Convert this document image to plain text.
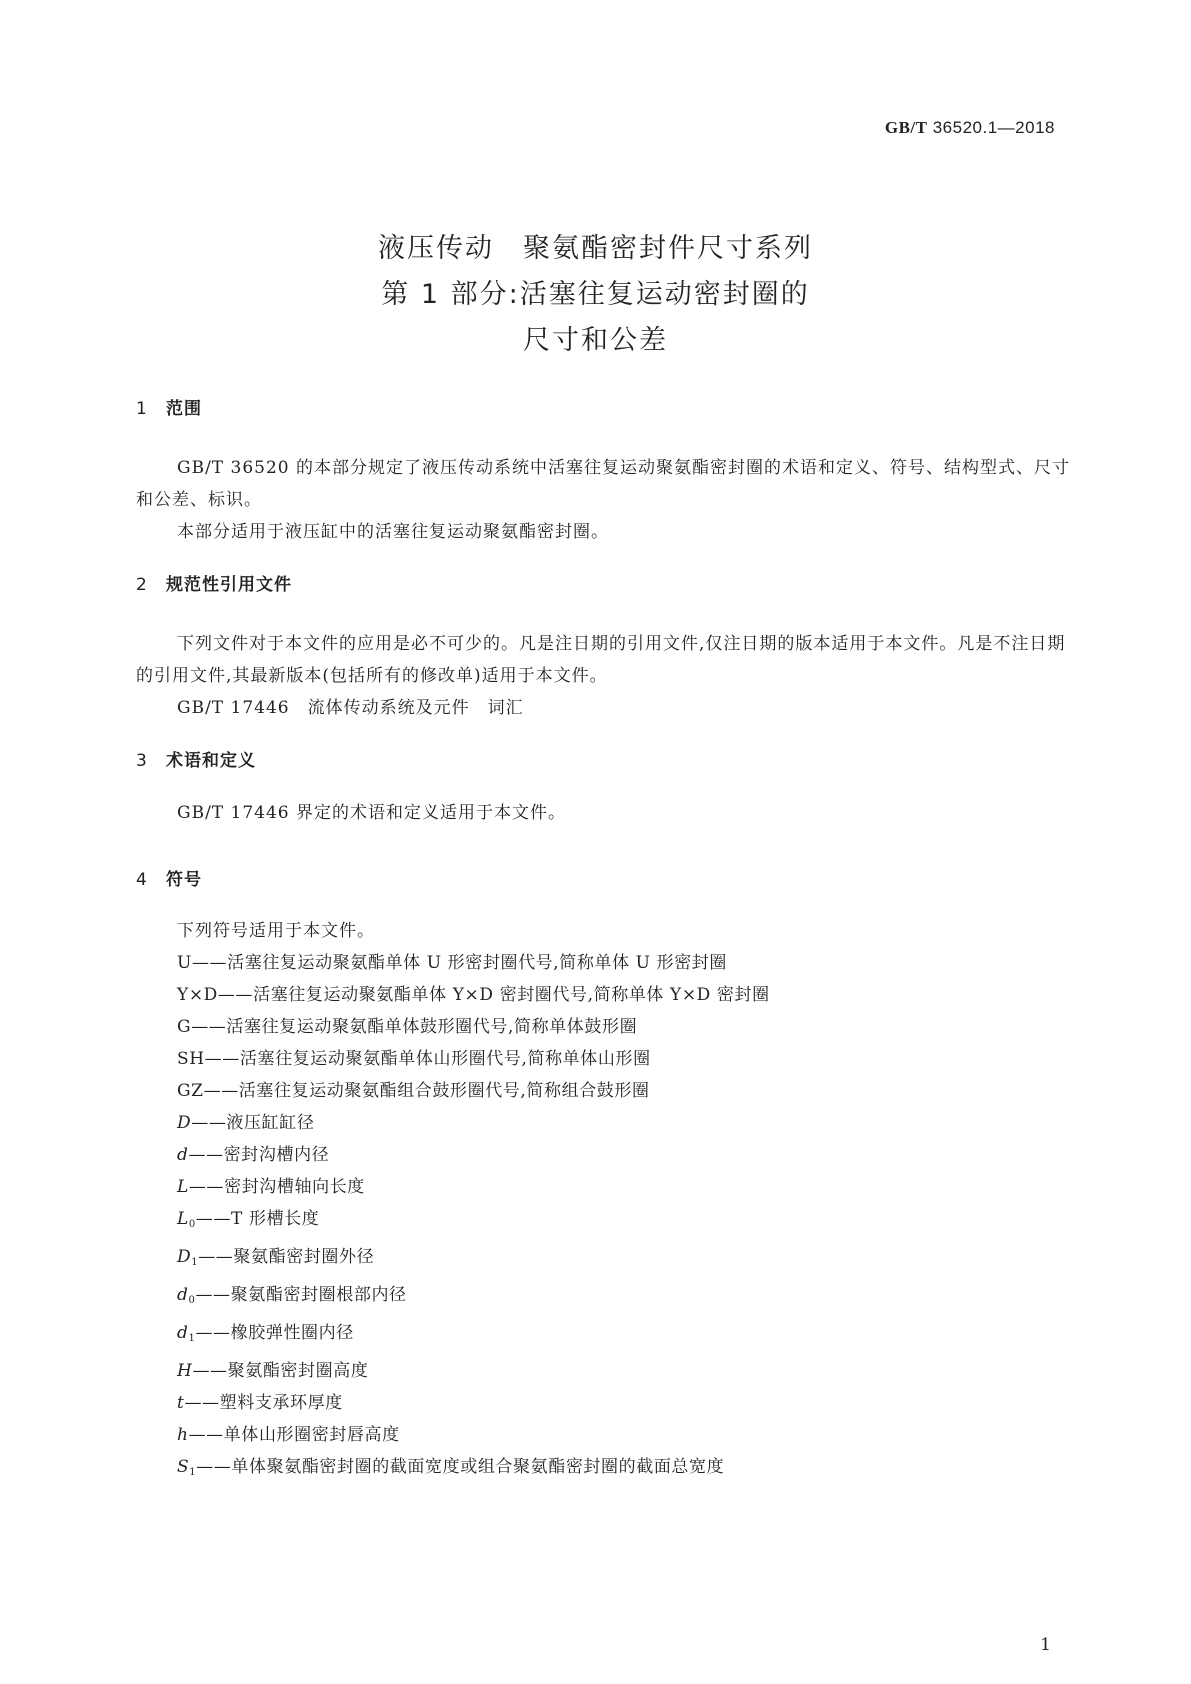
GB/T 36520.1—2018
液压传动　聚氨酯密封件尺寸系列
第 1 部分:活塞往复运动密封圈的
尺寸和公差
1 范围

GB/T 36520 的本部分规定了液压传动系统中活塞往复运动聚氨酯密封圈的术语和定义、符号、结构型式、尺寸和公差、标识。

本部分适用于液压缸中的活塞往复运动聚氨酯密封圈。

2 规范性引用文件

下列文件对于本文件的应用是必不可少的。凡是注日期的引用文件,仅注日期的版本适用于本文件。凡是不注日期的引用文件,其最新版本(包括所有的修改单)适用于本文件。

GB/T 17446　流体传动系统及元件　词汇

3 术语和定义
GB/T 17446 界定的术语和定义适用于本文件。
4 符号
下列符号适用于本文件。
U——活塞往复运动聚氨酯单体 U 形密封圈代号,简称单体 U 形密封圈
Y×D——活塞往复运动聚氨酯单体 Y×D 密封圈代号,简称单体 Y×D 密封圈
G——活塞往复运动聚氨酯单体鼓形圈代号,简称单体鼓形圈
SH——活塞往复运动聚氨酯单体山形圈代号,简称单体山形圈
GZ——活塞往复运动聚氨酯组合鼓形圈代号,简称组合鼓形圈
D——液压缸缸径
d——密封沟槽内径
L——密封沟槽轴向长度
$L_0——T$ 形槽长度
$D_1——$聚氨酯密封圈外径
$d_0——$聚氨酯密封圈根部内径
$d_1——$橡胶弹性圈内径
H——聚氨酯密封圈高度
t——塑料支承环厚度
h——单体山形圈密封唇高度
$S_1——$单体聚氨酯密封圈的截面宽度或组合聚氨酯密封圈的截面总宽度
1
